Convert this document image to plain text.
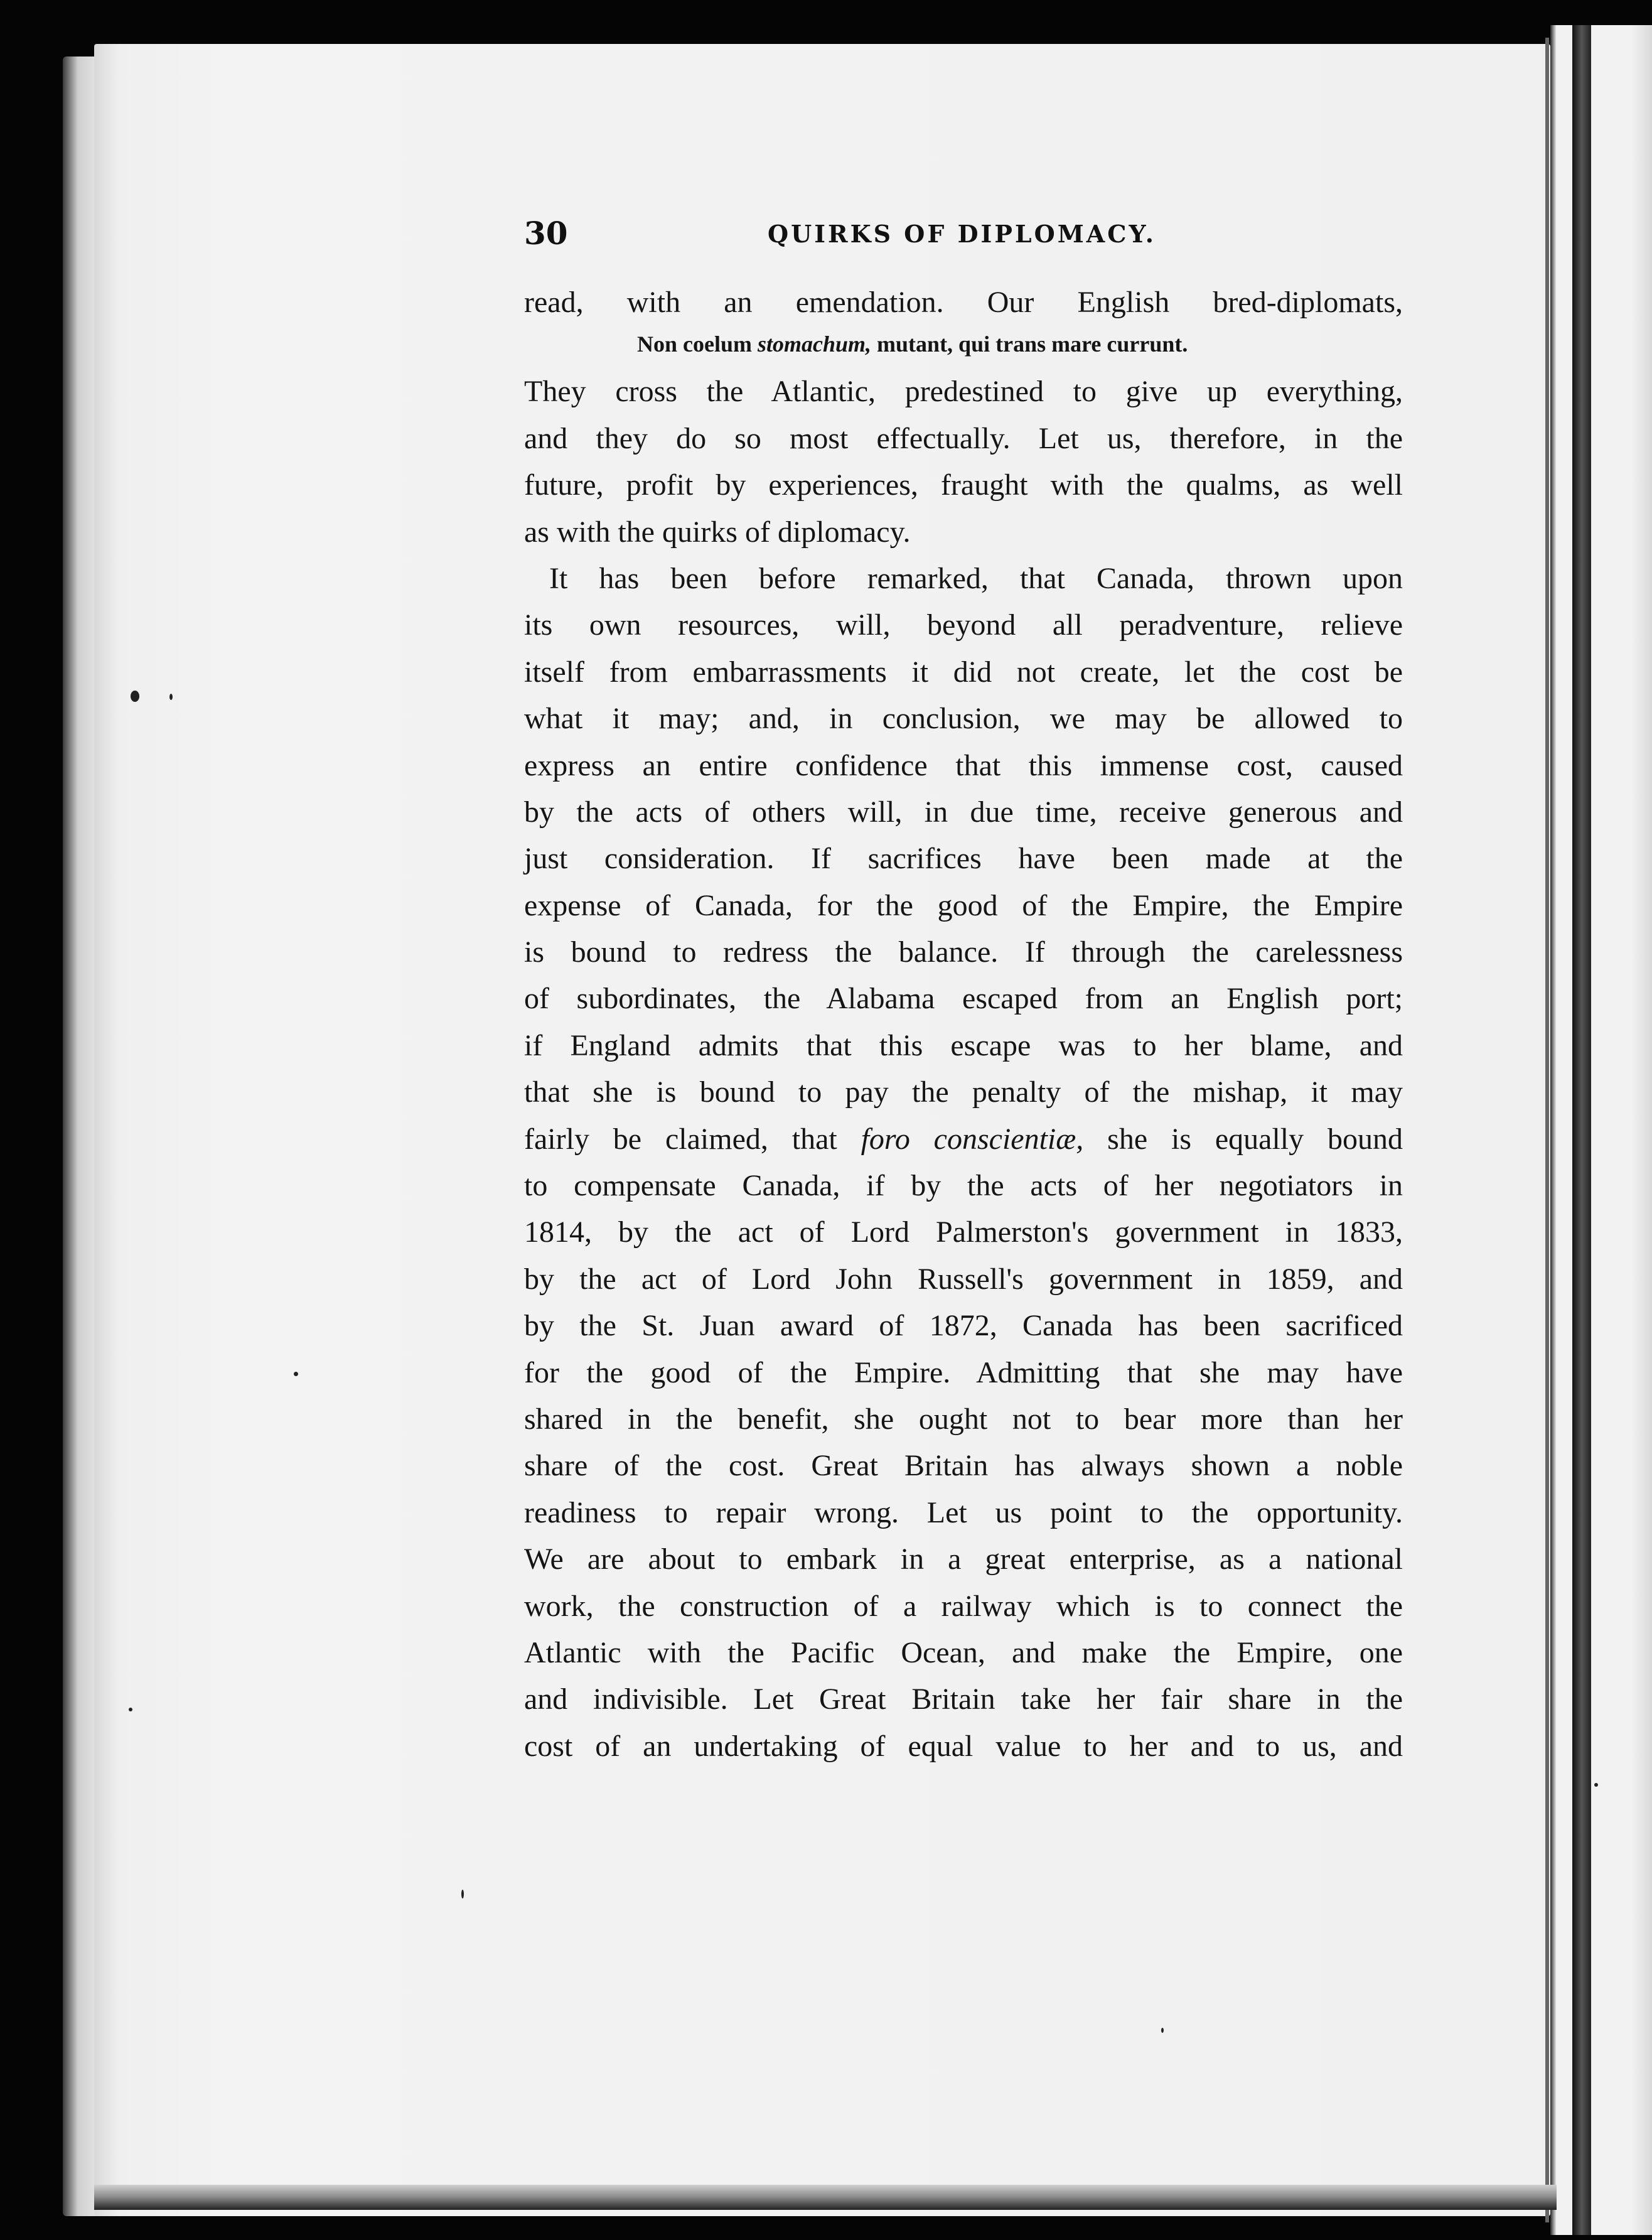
30	QUIRKS OF DIPLOMACY.
read, with an emendation. Our English bred-diplomats,
Non coelum stomachum, mutant, qui trans mare currunt.
They cross the Atlantic, predestined to give up everything,
and they do so most effectually. Let us, therefore, in the
future, profit by experiences, fraught with the qualms, as well
as with the quirks of diplomacy.
It has been before remarked, that Canada, thrown upon
its own resources, will, beyond all peradventure, relieve
itself from embarrassments it did not create, let the cost be
what it may; and, in conclusion, we may be allowed to
express an entire confidence that this immense cost, caused
by the acts of others will, in due time, receive generous and
just consideration. If sacrifices have been made at the
expense of Canada, for the good of the Empire, the Empire
is bound to redress the balance. If through the carelessness
of subordinates, the Alabama escaped from an English port;
if England admits that this escape was to her blame, and
that she is bound to pay the penalty of the mishap, it may
fairly be claimed, that foro conscientiæ, she is equally bound
to compensate Canada, if by the acts of her negotiators in
1814, by the act of Lord Palmerston's government in 1833,
by the act of Lord John Russell's government in 1859, and
by the St. Juan award of 1872, Canada has been sacrificed
for the good of the Empire. Admitting that she may have
shared in the benefit, she ought not to bear more than her
share of the cost. Great Britain has always shown a noble
readiness to repair wrong. Let us point to the opportunity.
We are about to embark in a great enterprise, as a national
work, the construction of a railway which is to connect the
Atlantic with the Pacific Ocean, and make the Empire, one
and indivisible. Let Great Britain take her fair share in the
cost of an undertaking of equal value to her and to us, and
